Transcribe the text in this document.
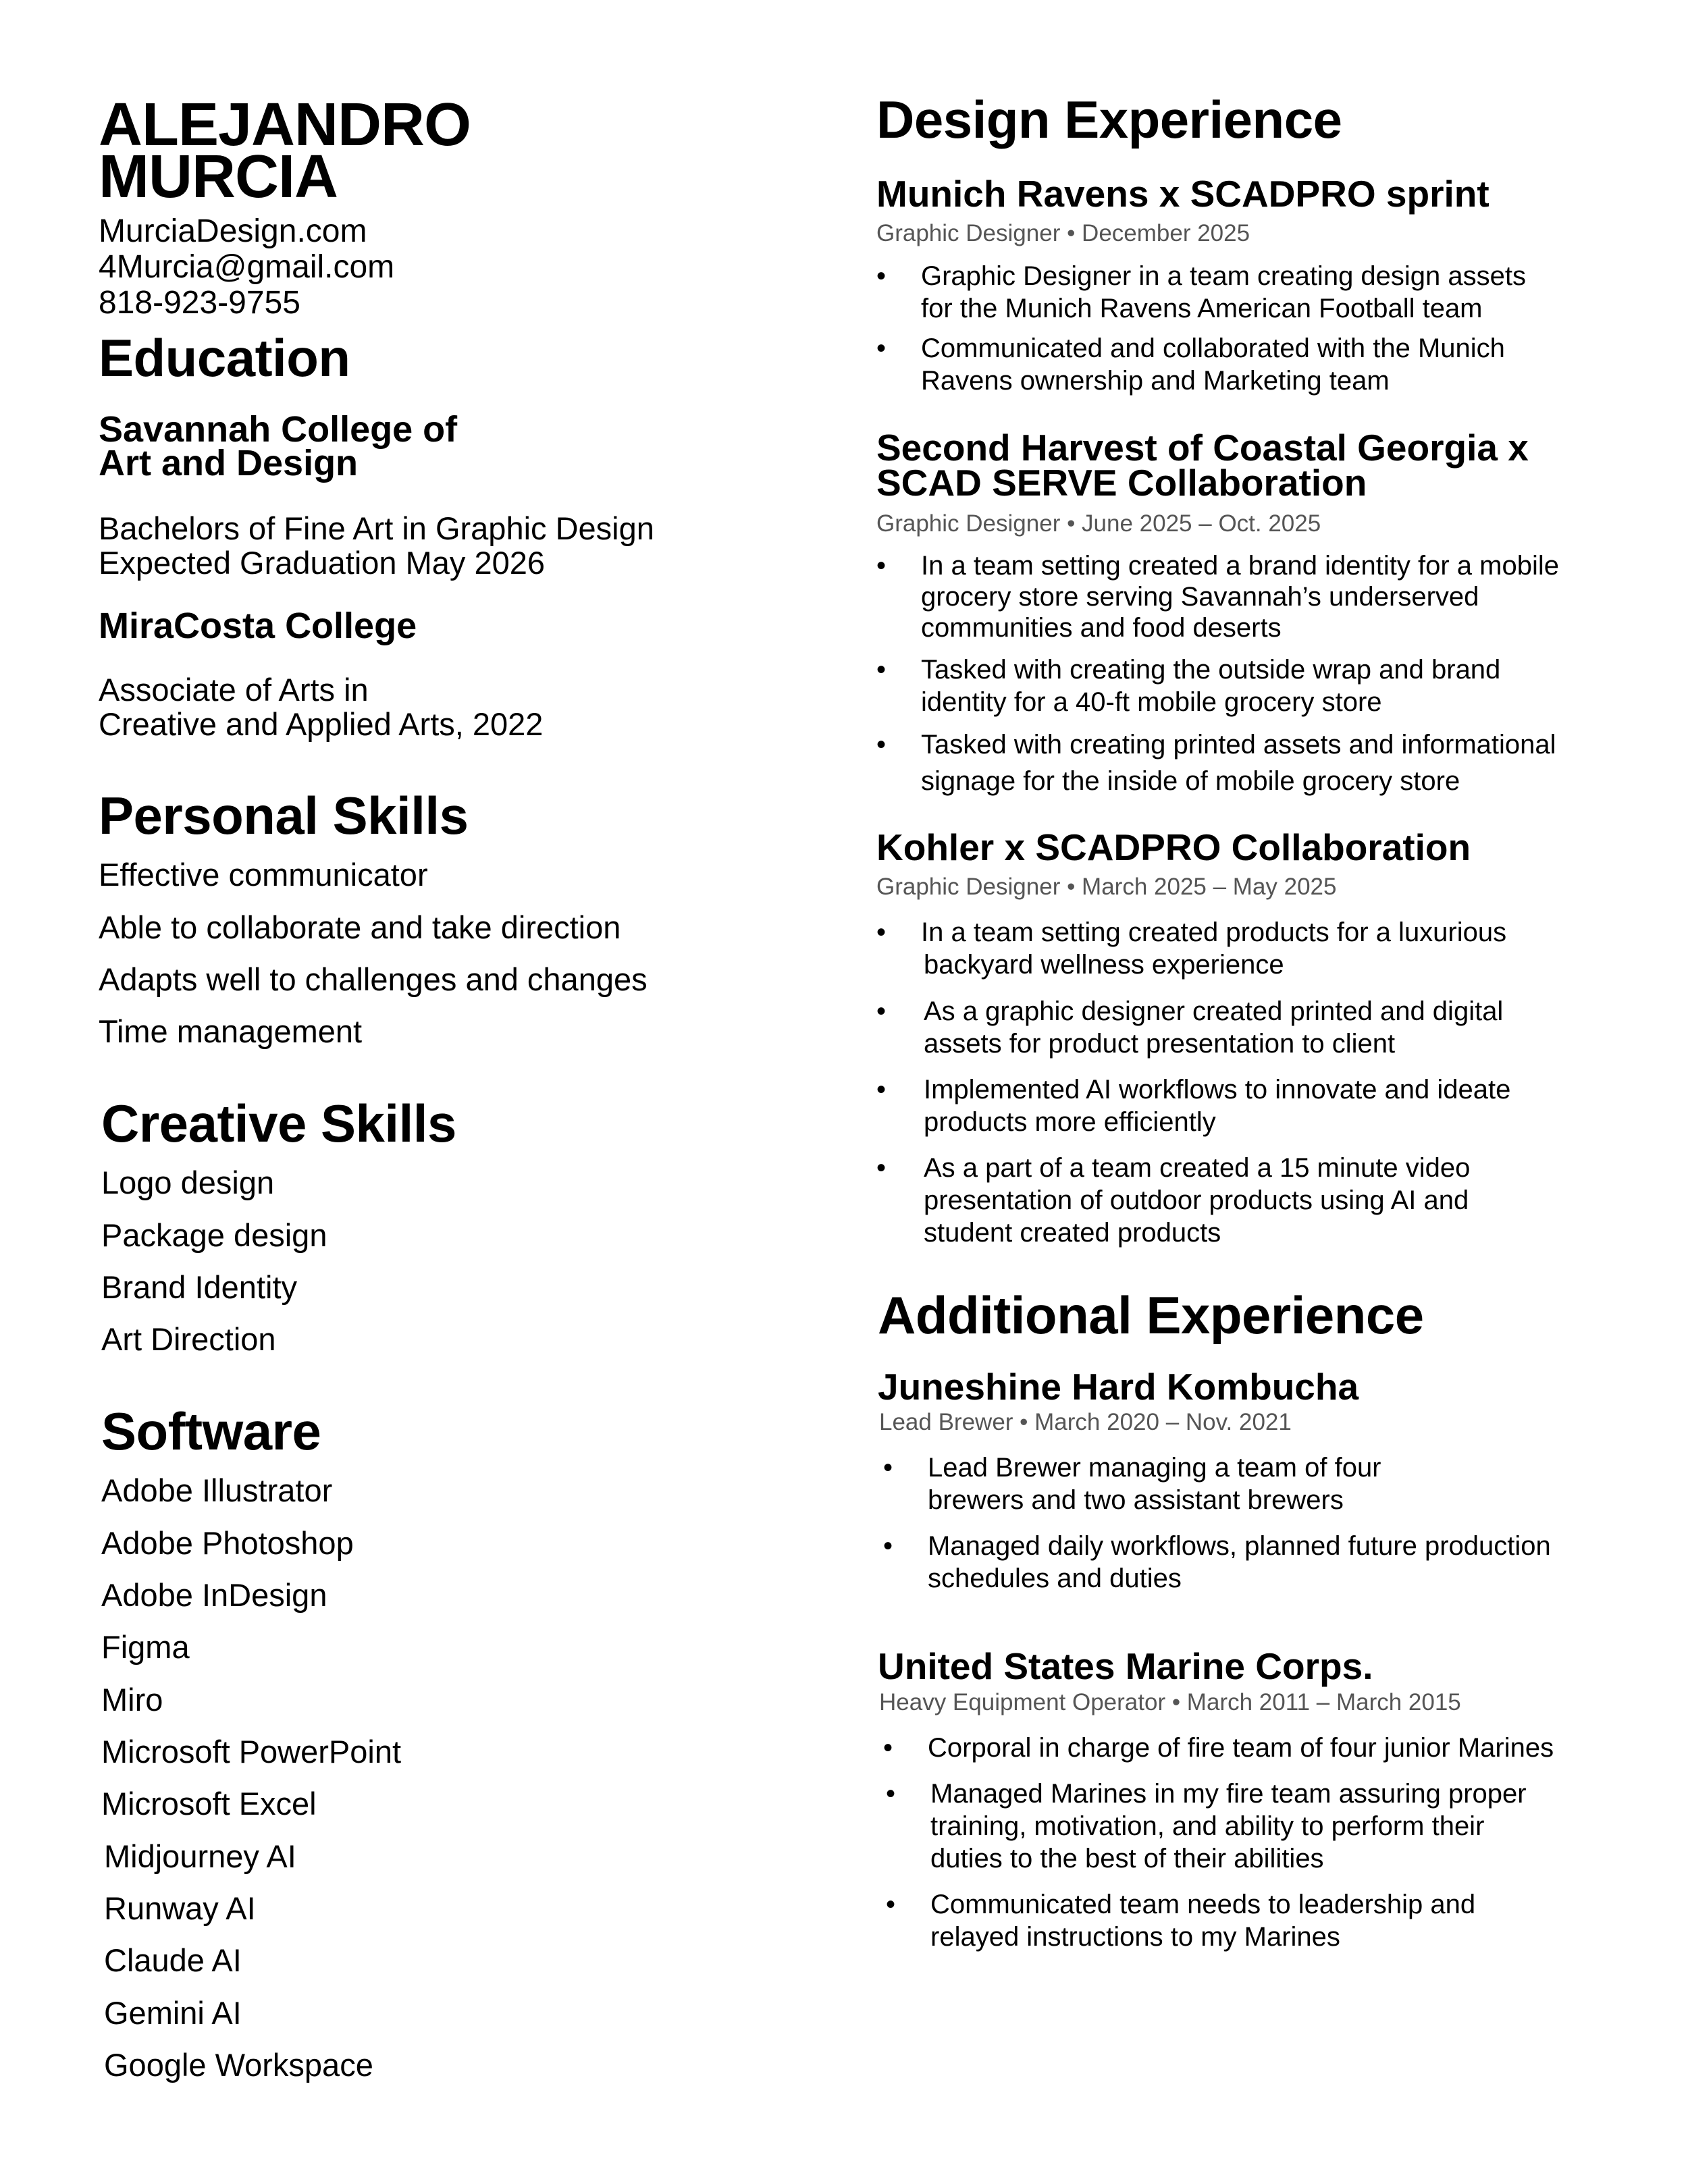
ALEJANDRO

MURCIA

MurciaDesign.com

4Murcia@gmail.com

818-923-9755

Education

Savannah College of

Art and Design

Bachelors of Fine Art in Graphic Design

Expected Graduation May 2026

MiraCosta College

Associate of Arts in

Creative and Applied Arts, 2022

Personal Skills

Effective communicator

Able to collaborate and take direction

Adapts well to challenges and changes

Time management

Creative Skills

Logo design

Package design

Brand Identity

Art Direction

Software

Adobe Illustrator

Adobe Photoshop

Adobe InDesign

Figma

Miro

Microsoft PowerPoint

Microsoft Excel

Midjourney AI

Runway AI

Claude AI

Gemini AI

Google Workspace

Design Experience

Munich Ravens x SCADPRO sprint

Graphic Designer • December 2025

• Graphic Designer in a team creating design assets
for the Munich Ravens American Football team
• Communicated and collaborated with the Munich
Ravens ownership and Marketing team

Second Harvest of Coastal Georgia x

SCAD SERVE Collaboration

Graphic Designer • June 2025 – Oct. 2025

• In a team setting created a brand identity for a mobile
grocery store serving Savannah’s underserved
communities and food deserts
• Tasked with creating the outside wrap and brand
identity for a 40-ft mobile grocery store
• Tasked with creating printed assets and informational
signage for the inside of mobile grocery store

Kohler x SCADPRO Collaboration

Graphic Designer • March 2025 – May 2025

• In a team setting created products for a luxurious
backyard wellness experience
• As a graphic designer created printed and digital
assets for product presentation to client
• Implemented AI workflows to innovate and ideate
products more efficiently
• As a part of a team created a 15 minute video
presentation of outdoor products using AI and
student created products

Additional Experience

Juneshine Hard Kombucha

Lead Brewer • March 2020 – Nov. 2021

• Lead Brewer managing a team of four
brewers and two assistant brewers
• Managed daily workflows, planned future production
schedules and duties

United States Marine Corps.

Heavy Equipment Operator • March 2011 – March 2015

• Corporal in charge of fire team of four junior Marines
• Managed Marines in my fire team assuring proper
training, motivation, and ability to perform their
duties to the best of their abilities
• Communicated team needs to leadership and
relayed instructions to my Marines
